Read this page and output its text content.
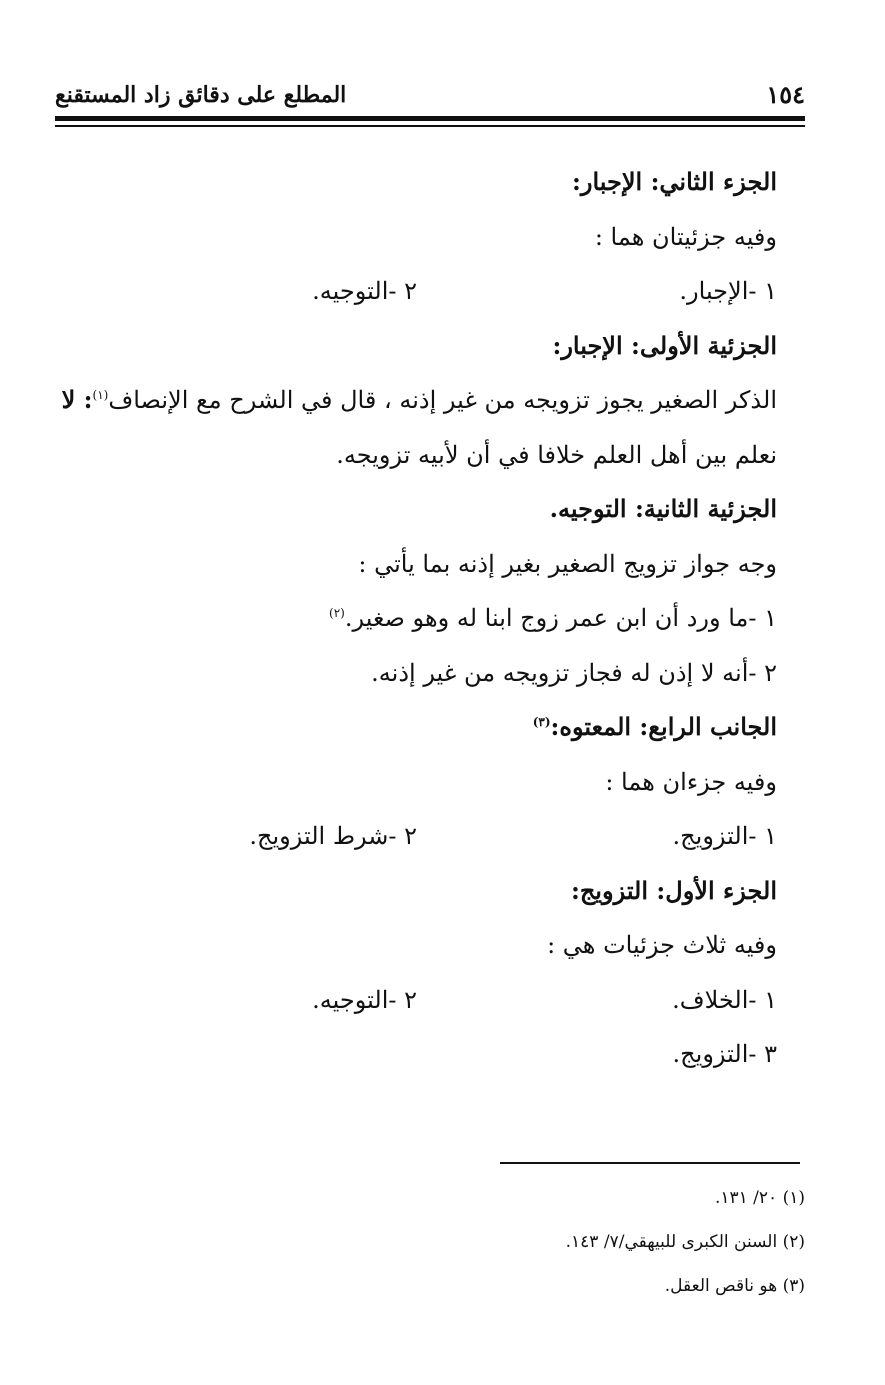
١٥٤
المطلع على دقائق زاد المستقنع
الجزء الثاني: الإجبار:
وفيه جزئيتان هما :
١ -الإجبار.
٢ -التوجيه.
الجزئية الأولى: الإجبار:
الذكر الصغير يجوز تزويجه من غير إذنه ، قال في الشرح مع الإنصاف$^{(١)}$: لا
نعلم بين أهل العلم خلافا في أن لأبيه تزويجه.
الجزئية الثانية: التوجيه.
وجه جواز تزويج الصغير بغير إذنه بما يأتي :
١ -ما ورد أن ابن عمر زوج ابنا له وهو صغير.$^{(٢)}$
٢ -أنه لا إذن له فجاز تزويجه من غير إذنه.
الجانب الرابع: المعتوه:$^{(٣)}$
وفيه جزءان هما :
١ -التزويج.
٢ -شرط التزويج.
الجزء الأول: التزويج:
وفيه ثلاث جزئيات هي :
١ -الخلاف.
٢ -التوجيه.
٣ -التزويج.
(١) ٢٠/ ١٣١.
(٢) السنن الكبرى للبيهقي/٧/ ١٤٣.
(٣) هو ناقص العقل.
